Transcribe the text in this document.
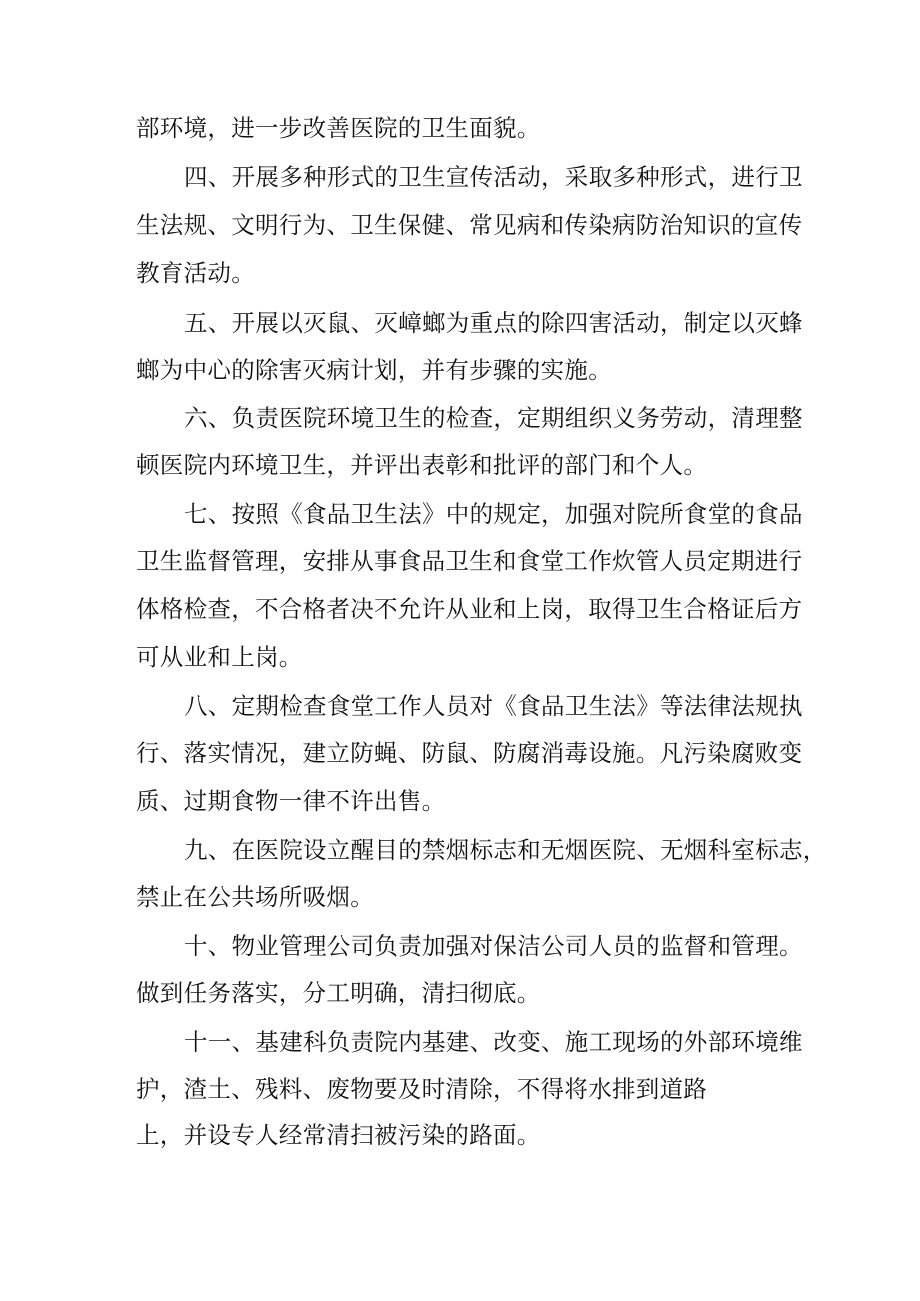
部环境，进一步改善医院的卫生面貌。
四、开展多种形式的卫生宣传活动，采取多种形式，进行卫
生法规、文明行为、卫生保健、常见病和传染病防治知识的宣传
教育活动。
五、开展以灭鼠、灭嶂螂为重点的除四害活动，制定以灭蜂
螂为中心的除害灭病计划，并有步骤的实施。
六、负责医院环境卫生的检查，定期组织义务劳动，清理整
顿医院内环境卫生，并评出表彰和批评的部门和个人。
七、按照《食品卫生法》中的规定，加强对院所食堂的食品
卫生监督管理，安排从事食品卫生和食堂工作炊管人员定期进行
体格检查，不合格者决不允许从业和上岗，取得卫生合格证后方
可从业和上岗。
八、定期检查食堂工作人员对《食品卫生法》等法律法规执
行、落实情况，建立防蝇、防鼠、防腐消毒设施。凡污染腐败变
质、过期食物一律不许出售。
九、在医院设立醒目的禁烟标志和无烟医院、无烟科室标志，
禁止在公共场所吸烟。
十、物业管理公司负责加强对保洁公司人员的监督和管理。
做到任务落实，分工明确，清扫彻底。
十一、基建科负责院内基建、改变、施工现场的外部环境维
护，渣土、残料、废物要及时清除，不得将水排到道路
上，并设专人经常清扫被污染的路面。
